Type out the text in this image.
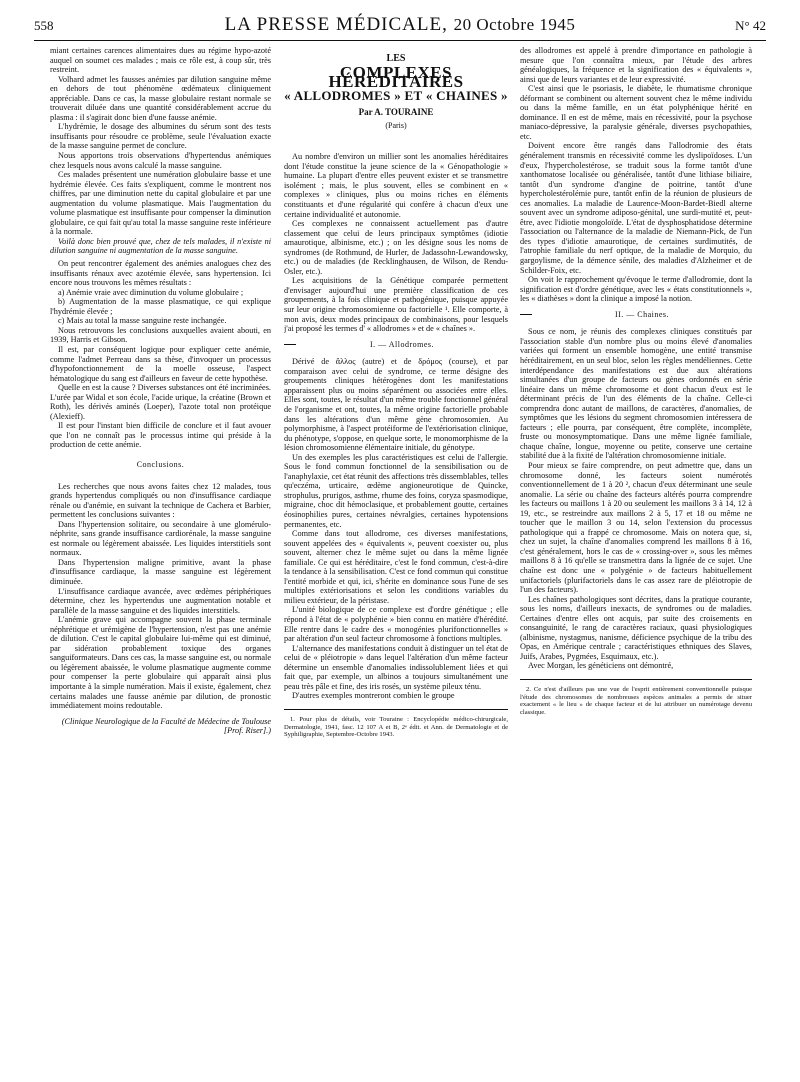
558	LA PRESSE MÉDICALE, 20 Octobre 1945	N° 42

miant certaines carences alimentaires dues au régime hypo-azoté auquel on soumet ces malades ; mais ce rôle est, à coup sûr, très restreint.

Volhard admet les fausses anémies par dilution sanguine même en dehors de tout phénomène œdémateux cliniquement appréciable. Dans ce cas, la masse globulaire restant normale se trouverait diluée dans une quantité considérablement accrue du plasma : il s'agirait donc bien d'une fausse anémie.

L'hydrémie, le dosage des albumines du sérum sont des tests insuffisants pour résoudre ce problème, seule l'évaluation exacte de la masse sanguine permet de conclure.

Nous apportons trois observations d'hypertendus anémiques chez lesquels nous avons calculé la masse sanguine.

Ces malades présentent une numération globulaire basse et une hydrémie élevée. Ces faits s'expliquent, comme le montrent nos chiffres, par une diminution nette du capital globulaire et par une augmentation du volume plasmatique. Mais l'augmentation du volume plasmatique est insuffisante pour compenser la diminution globulaire, ce qui fait qu'au total la masse sanguine reste inférieure à la normale.

Voilà donc bien prouvé que, chez de tels malades, il n'existe ni dilution sanguine ni augmentation de la masse sanguine.

On peut rencontrer également des anémies analogues chez des insuffisants rénaux avec azotémie élevée, sans hypertension. Ici encore nous trouvons les mêmes résultats :

a) Anémie vraie avec diminution du volume globulaire ;

b) Augmentation de la masse plasmatique, ce qui explique l'hydrémie élevée ;

c) Mais au total la masse sanguine reste inchangée.

Nous retrouvons les conclusions auxquelles avaient abouti, en 1939, Harris et Gibson.

Il est, par conséquent logique pour expliquer cette anémie, comme l'admet Perreau dans sa thèse, d'invoquer un processus d'hypofonctionnement de la moelle osseuse, l'aspect hématologique du sang est d'ailleurs en faveur de cette hypothèse.

Quelle en est la cause ? Diverses substances ont été incriminées. L'urée par Widal et son école, l'acide urique, la créatine (Brown et Roth), les dérivés aminés (Loeper), l'azote total non protéique (Alexieff).

Il est pour l'instant bien difficile de conclure et il faut avouer que l'on ne connaît pas le processus intime qui préside à la production de cette anémie.

Conclusions.

Les recherches que nous avons faites chez 12 malades, tous grands hypertendus compliqués ou non d'insuffisance cardiaque rénale ou d'anémie, en suivant la technique de Cachera et Barbier, permettent les conclusions suivantes :

Dans l'hypertension solitaire, ou secondaire à une glomérulo-néphrite, sans grande insuffisance cardiorénale, la masse sanguine est normale ou légèrement abaissée. Les liquides interstitiels sont normaux.

Dans l'hypertension maligne primitive, avant la phase d'insuffisance cardiaque, la masse sanguine est légèrement diminuée.

L'insuffisance cardiaque avancée, avec œdèmes périphériques détermine, chez les hypertendus une augmentation notable et parallèle de la masse sanguine et des liquides interstitiels.

L'anémie grave qui accompagne souvent la phase terminale néphrétique et urémigène de l'hypertension, n'est pas une anémie de dilution. C'est le capital globulaire lui-même qui est diminué, par sidération probablement toxique des organes sanguiformateurs. Dans ces cas, la masse sanguine est, ou normale ou légèrement abaissée, le volume plasmatique augmente comme pour compenser la perte globulaire qui apparaît ainsi plus importante à la simple numération. Mais il existe, également, chez certains malades une fausse anémie par dilution, de pronostic immédiatement moins redoutable.

(Clinique Neurologique de la Faculté de Médecine de Toulouse [Prof. Riser].)

LES
COMPLEXES HÉRÉDITAIRES
« ALLODROMES » ET « CHAINES »
Par A. TOURAINE
(Paris)

Au nombre d'environ un millier sont les anomalies héréditaires dont l'étude constitue la jeune science de la « Génopathologie » humaine. La plupart d'entre elles peuvent exister et se transmettre isolément ; mais, le plus souvent, elles se combinent en « complexes » cliniques, plus ou moins riches en éléments constituants et d'une régularité qui confère à chacun d'eux une certaine individualité et autonomie.

Ces complexes ne connaissent actuellement pas d'autre classement que celui de leurs principaux symptômes (idiotie amaurotique, albinisme, etc.) ; on les désigne sous les noms de syndromes (de Rothmund, de Hurler, de Jadassohn-Lewandowsky, etc.) ou de maladies (de Recklinghausen, de Wilson, de Rendu-Osler, etc.).

Les acquisitions de la Génétique comparée permettent d'envisager aujourd'hui une première classification de ces groupements, à la fois clinique et pathogénique, puisque appuyée sur leur origine chromosomienne ou factorielle ¹. Elle comporte, à mon avis, deux modes principaux de combinaisons, pour lesquels j'ai proposé les termes d' « allodromes » et de « chaînes ».

I. — Allodromes.

Dérivé de ἄλλος (autre) et de δρόμος (course), et par comparaison avec celui de syndrome, ce terme désigne des groupements cliniques hétérogènes dont les manifestations apparaissent plus ou moins séparément ou associées entre elles. Elles sont, toutes, le résultat d'un même trouble fonctionnel général de l'organisme et ont, toutes, la même origine factorielle probable dans les altérations d'un même gène chromosomien. Au polymorphisme, à l'aspect protéiforme de l'extériorisation clinique, du phénotype, s'oppose, en quelque sorte, le monomorphisme de la lésion chromosomienne élémentaire initiale, du génotype.

Un des exemples les plus caractéristiques est celui de l'allergie. Sous le fond commun fonctionnel de la sensibilisation ou de l'anaphylaxie, cet état réunit des affections très dissemblables, telles qu'eczéma, urticaire, œdème angioneurotique de Quincke, strophulus, prurigos, asthme, rhume des foins, coryza spasmodique, migraine, choc dit hémoclasique, et probablement goutte, certaines éosinophilies pures, certaines névralgies, certaines hypotensions permanentes, etc.

Comme dans tout allodrome, ces diverses manifestations, souvent appelées des « équivalents », peuvent coexister ou, plus souvent, alterner chez le même sujet ou dans la même lignée familiale. Ce qui est héréditaire, c'est le fond commun, c'est-à-dire la tendance à la sensibilisation. C'est ce fond commun qui constitue l'entité morbide et qui, ici, s'hérite en dominance sous l'une de ses multiples extériorisations et selon les conditions variables du milieu extérieur, de la péristase.

L'unité biologique de ce complexe est d'ordre génétique ; elle répond à l'état de « polyphénie » bien connu en matière d'hérédité. Elle rentre dans le cadre des « monogénies plurifonctionnelles » par altération d'un seul facteur chromosome à fonctions multiples.

L'alternance des manifestations conduit à distinguer un tel état de celui de « pléiotropie » dans lequel l'altération d'un même facteur détermine un ensemble d'anomalies indissolublement liées et qui fait que, par exemple, un albinos a toujours simultanément une peau très pâle et fine, des iris rosés, un système pileux ténu.

D'autres exemples montreront combien le groupe

1. Pour plus de détails, voir Touraine : Encyclopédie médico-chirurgicale, Dermatologie, 1941, fasc. 12 107 A et B, 2ᵉ édit. et Ann. de Dermatologie et de Syphiligraphie, Septembre-Octobre 1943.

des allodromes est appelé à prendre d'importance en pathologie à mesure que l'on connaîtra mieux, par l'étude des arbres généalogiques, la fréquence et la signification des « équivalents », ainsi que de leurs variantes et de leur expressivité.

C'est ainsi que le psoriasis, le diabète, le rhumatisme chronique déformant se combinent ou alternent souvent chez le même individu ou dans la même famille, en un état polyphénique hérité en dominance. Il en est de même, mais en récessivité, pour la psychose maniaco-dépressive, la paralysie générale, diverses psychopathies, etc.

Doivent encore être rangés dans l'allodromie des états généralement transmis en récessivité comme les dyslipoïdoses. L'un d'eux, l'hypercholestérose, se traduit sous la forme tantôt d'une xanthomatose localisée ou généralisée, tantôt d'une lithiase biliaire, tantôt d'un syndrome d'angine de poitrine, tantôt d'une hypercholestérolémie pure, tantôt enfin de la réunion de plusieurs de ces anomalies. La maladie de Laurence-Moon-Bardet-Biedl alterne souvent avec un syndrome adiposo-génital, une surdi-mutité et, peut-être, avec l'idiotie mongoloïde. L'état de dysphosphatidose détermine l'association ou l'alternance de la maladie de Niemann-Pick, de l'un des types d'idiotie amaurotique, de certaines surdimutités, de l'atrophie familiale du nerf optique, de la maladie de Morquio, du gargoylisme, de la démence sénile, des maladies d'Alzheimer et de Schilder-Foix, etc.

On voit le rapprochement qu'évoque le terme d'allodromie, dont la signification est d'ordre génétique, avec les « états constitutionnels », les « diathèses » dont la clinique a imposé la notion.

II. — Chaines.

Sous ce nom, je réunis des complexes cliniques constitués par l'association stable d'un nombre plus ou moins élevé d'anomalies variées qui forment un ensemble homogène, une entité transmise héréditairement, en un seul bloc, selon les règles mendéliennes. Cette interdépendance des manifestations est due aux altérations simultanées d'un groupe de facteurs ou gènes ordonnés en série linéaire dans un même chromosome et dont chacun d'eux est le déterminant précis de l'un des éléments de la chaîne. Celle-ci comprendra donc autant de maillons, de caractères, d'anomalies, de symptômes que les lésions du segment chromosomien intéressera de facteurs ; elle pourra, par conséquent, être complète, incomplète, fruste ou monosymptomatique. Dans une même lignée familiale, chaque chaîne, longue, moyenne ou petite, conserve une certaine stabilité due à la fixité de l'altération chromosomienne initiale.

Pour mieux se faire comprendre, on peut admettre que, dans un chromosome donné, les facteurs soient numérotés conventionnellement de 1 à 20 ², chacun d'eux déterminant une seule anomalie. La série ou chaîne des facteurs altérés pourra comprendre les facteurs ou maillons 1 à 20 ou seulement les maillons 3 à 14, 12 à 19, etc., se restreindre aux maillons 2 à 5, 17 et 18 ou même ne toucher que le maillon 3 ou 14, selon l'extension du processus pathologique qui a frappé ce chromosome. Mais on notera que, si, chez un sujet, la chaîne d'anomalies comprend les maillons 8 à 16, c'est généralement, hors le cas de « crossing-over », sous les mêmes maillons 8 à 16 qu'elle se transmettra dans la lignée de ce sujet. Une chaîne est donc une « polygénie » de facteurs habituellement unifactoriels (plurifactoriels dans le cas assez rare de pléiotropie de l'un des facteurs).

Les chaînes pathologiques sont décrites, dans la pratique courante, sous les noms, d'ailleurs inexacts, de syndromes ou de maladies. Certaines d'entre elles ont acquis, par suite des croisements en consanguinité, le rang de caractères raciaux, quasi physiologiques (albinisme, nystagmus, nanisme, déficience psychique de la tribu des Opas, en Amérique centrale ; caractéristiques ethniques des Slaves, Juifs, Arabes, Pygmées, Esquimaux, etc.).

Avec Morgan, les généticiens ont démontré,

2. Ce n'est d'ailleurs pas une vue de l'esprit entièrement conventionnelle puisque l'étude des chromosomes de nombreuses espèces animales a permis de situer exactement « le lieu » de chaque facteur et de lui attribuer un numérotage devenu classique.
